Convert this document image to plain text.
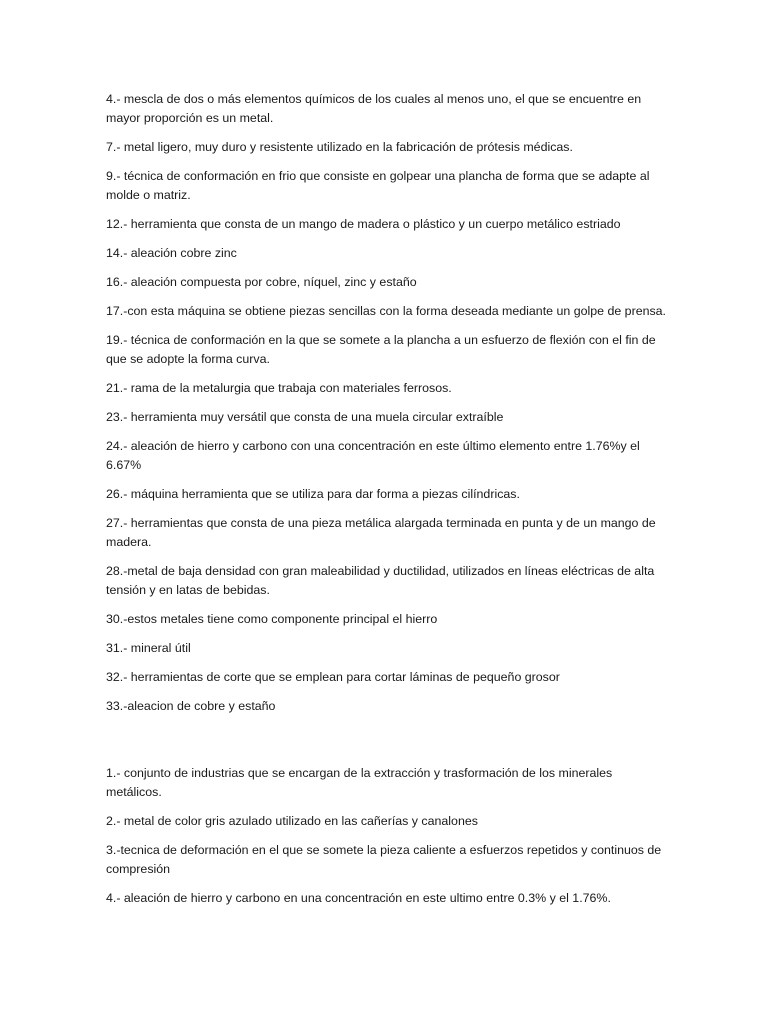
4.- mescla de dos o más elementos químicos de los cuales al menos uno, el que se encuentre en mayor proporción es un metal.

7.- metal ligero, muy duro y resistente utilizado en la fabricación de prótesis médicas.

9.- técnica de conformación en frio que consiste en golpear una plancha de forma que se adapte al molde o matriz.

12.- herramienta que consta de un mango de madera o plástico y un cuerpo metálico estriado

14.- aleación cobre zinc

16.- aleación compuesta por cobre, níquel, zinc y estaño

17.-con esta máquina se obtiene piezas sencillas con la forma deseada mediante un golpe de prensa.

19.- técnica de conformación en la que se somete a la plancha a un esfuerzo de flexión con el fin de que se adopte la forma curva.

21.- rama de la metalurgia que trabaja con materiales ferrosos.

23.- herramienta muy versátil que consta de una muela circular extraíble

24.- aleación de hierro y carbono con una concentración en este último elemento entre 1.76%y el 6.67%

26.- máquina herramienta que se utiliza para dar forma a piezas cilíndricas.

27.- herramientas que consta de una pieza metálica alargada terminada en punta y de un mango de madera.

28.-metal de baja densidad con gran maleabilidad y ductilidad, utilizados en líneas eléctricas de alta tensión y en latas de bebidas.

30.-estos metales tiene como componente principal el hierro

31.- mineral útil

32.- herramientas de corte que se emplean para cortar láminas de pequeño grosor

33.-aleacion de cobre y estaño

1.- conjunto de industrias que se encargan de la extracción y trasformación de los minerales metálicos.

2.- metal de color gris azulado utilizado en las cañerías y canalones

3.-tecnica de deformación en el que se somete la pieza caliente a esfuerzos repetidos y continuos de compresión

4.- aleación de hierro y carbono en una concentración en este ultimo entre 0.3% y el 1.76%.
